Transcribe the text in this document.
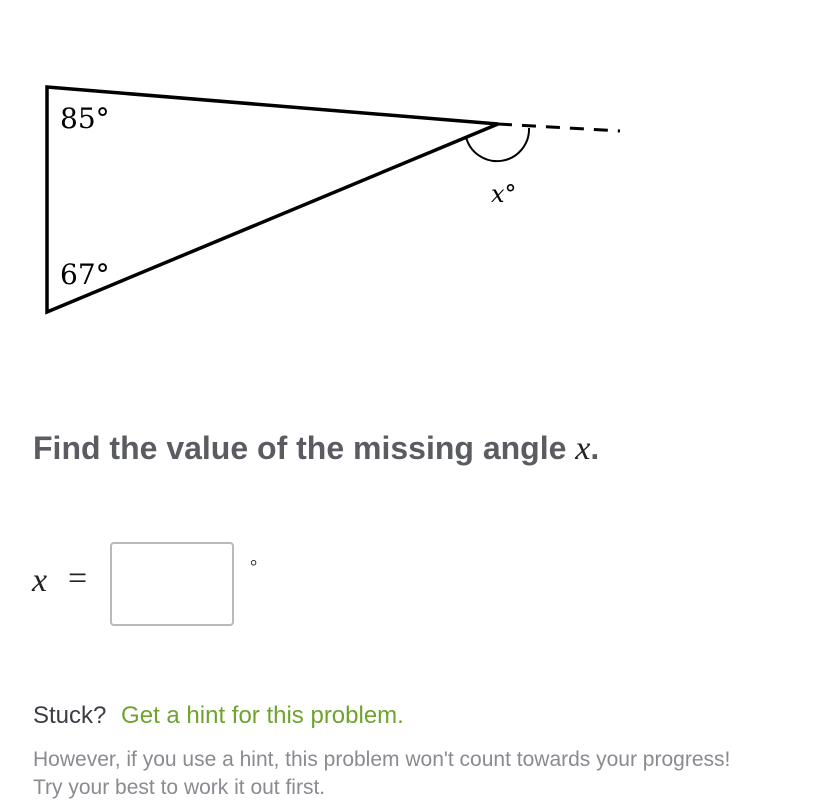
85°
67°
x°
Find the value of the missing angle x.
x =	°
Stuck? Get a hint for this problem.
However, if you use a hint, this problem won't count towards your progress! Try your best to work it out first.
